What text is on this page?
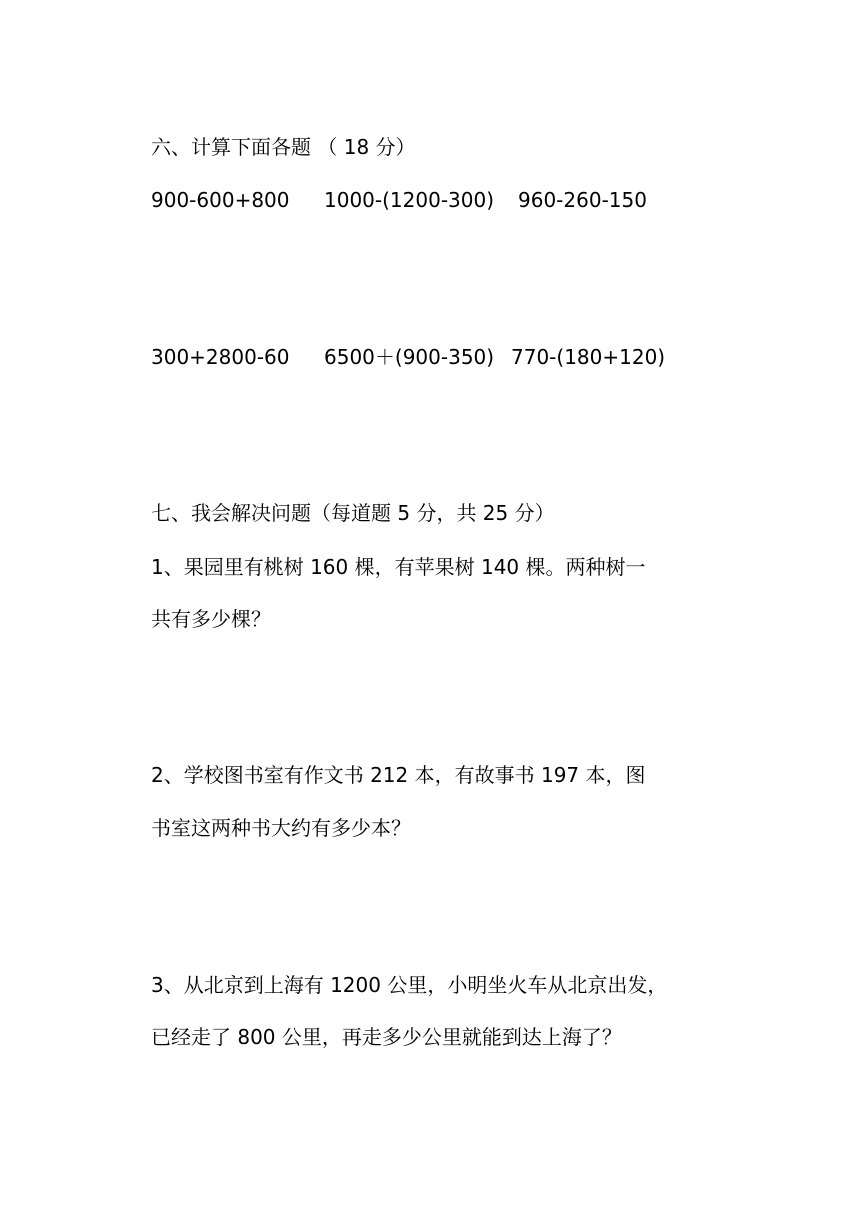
六、计算下面各题 （ 18 分）
900-600+800 1000-(1200-300) 960-260-150
300+2800-60 6500＋(900-350) 770-(180+120)
七、我会解决问题（每道题 5 分，共 25 分）
1、果园里有桃树 160 棵，有苹果树 140 棵。两种树一
共有多少棵？
2、学校图书室有作文书 212 本，有故事书 197 本，图
书室这两种书大约有多少本？
3、从北京到上海有 1200 公里，小明坐火车从北京出发，
已经走了 800 公里，再走多少公里就能到达上海了？
